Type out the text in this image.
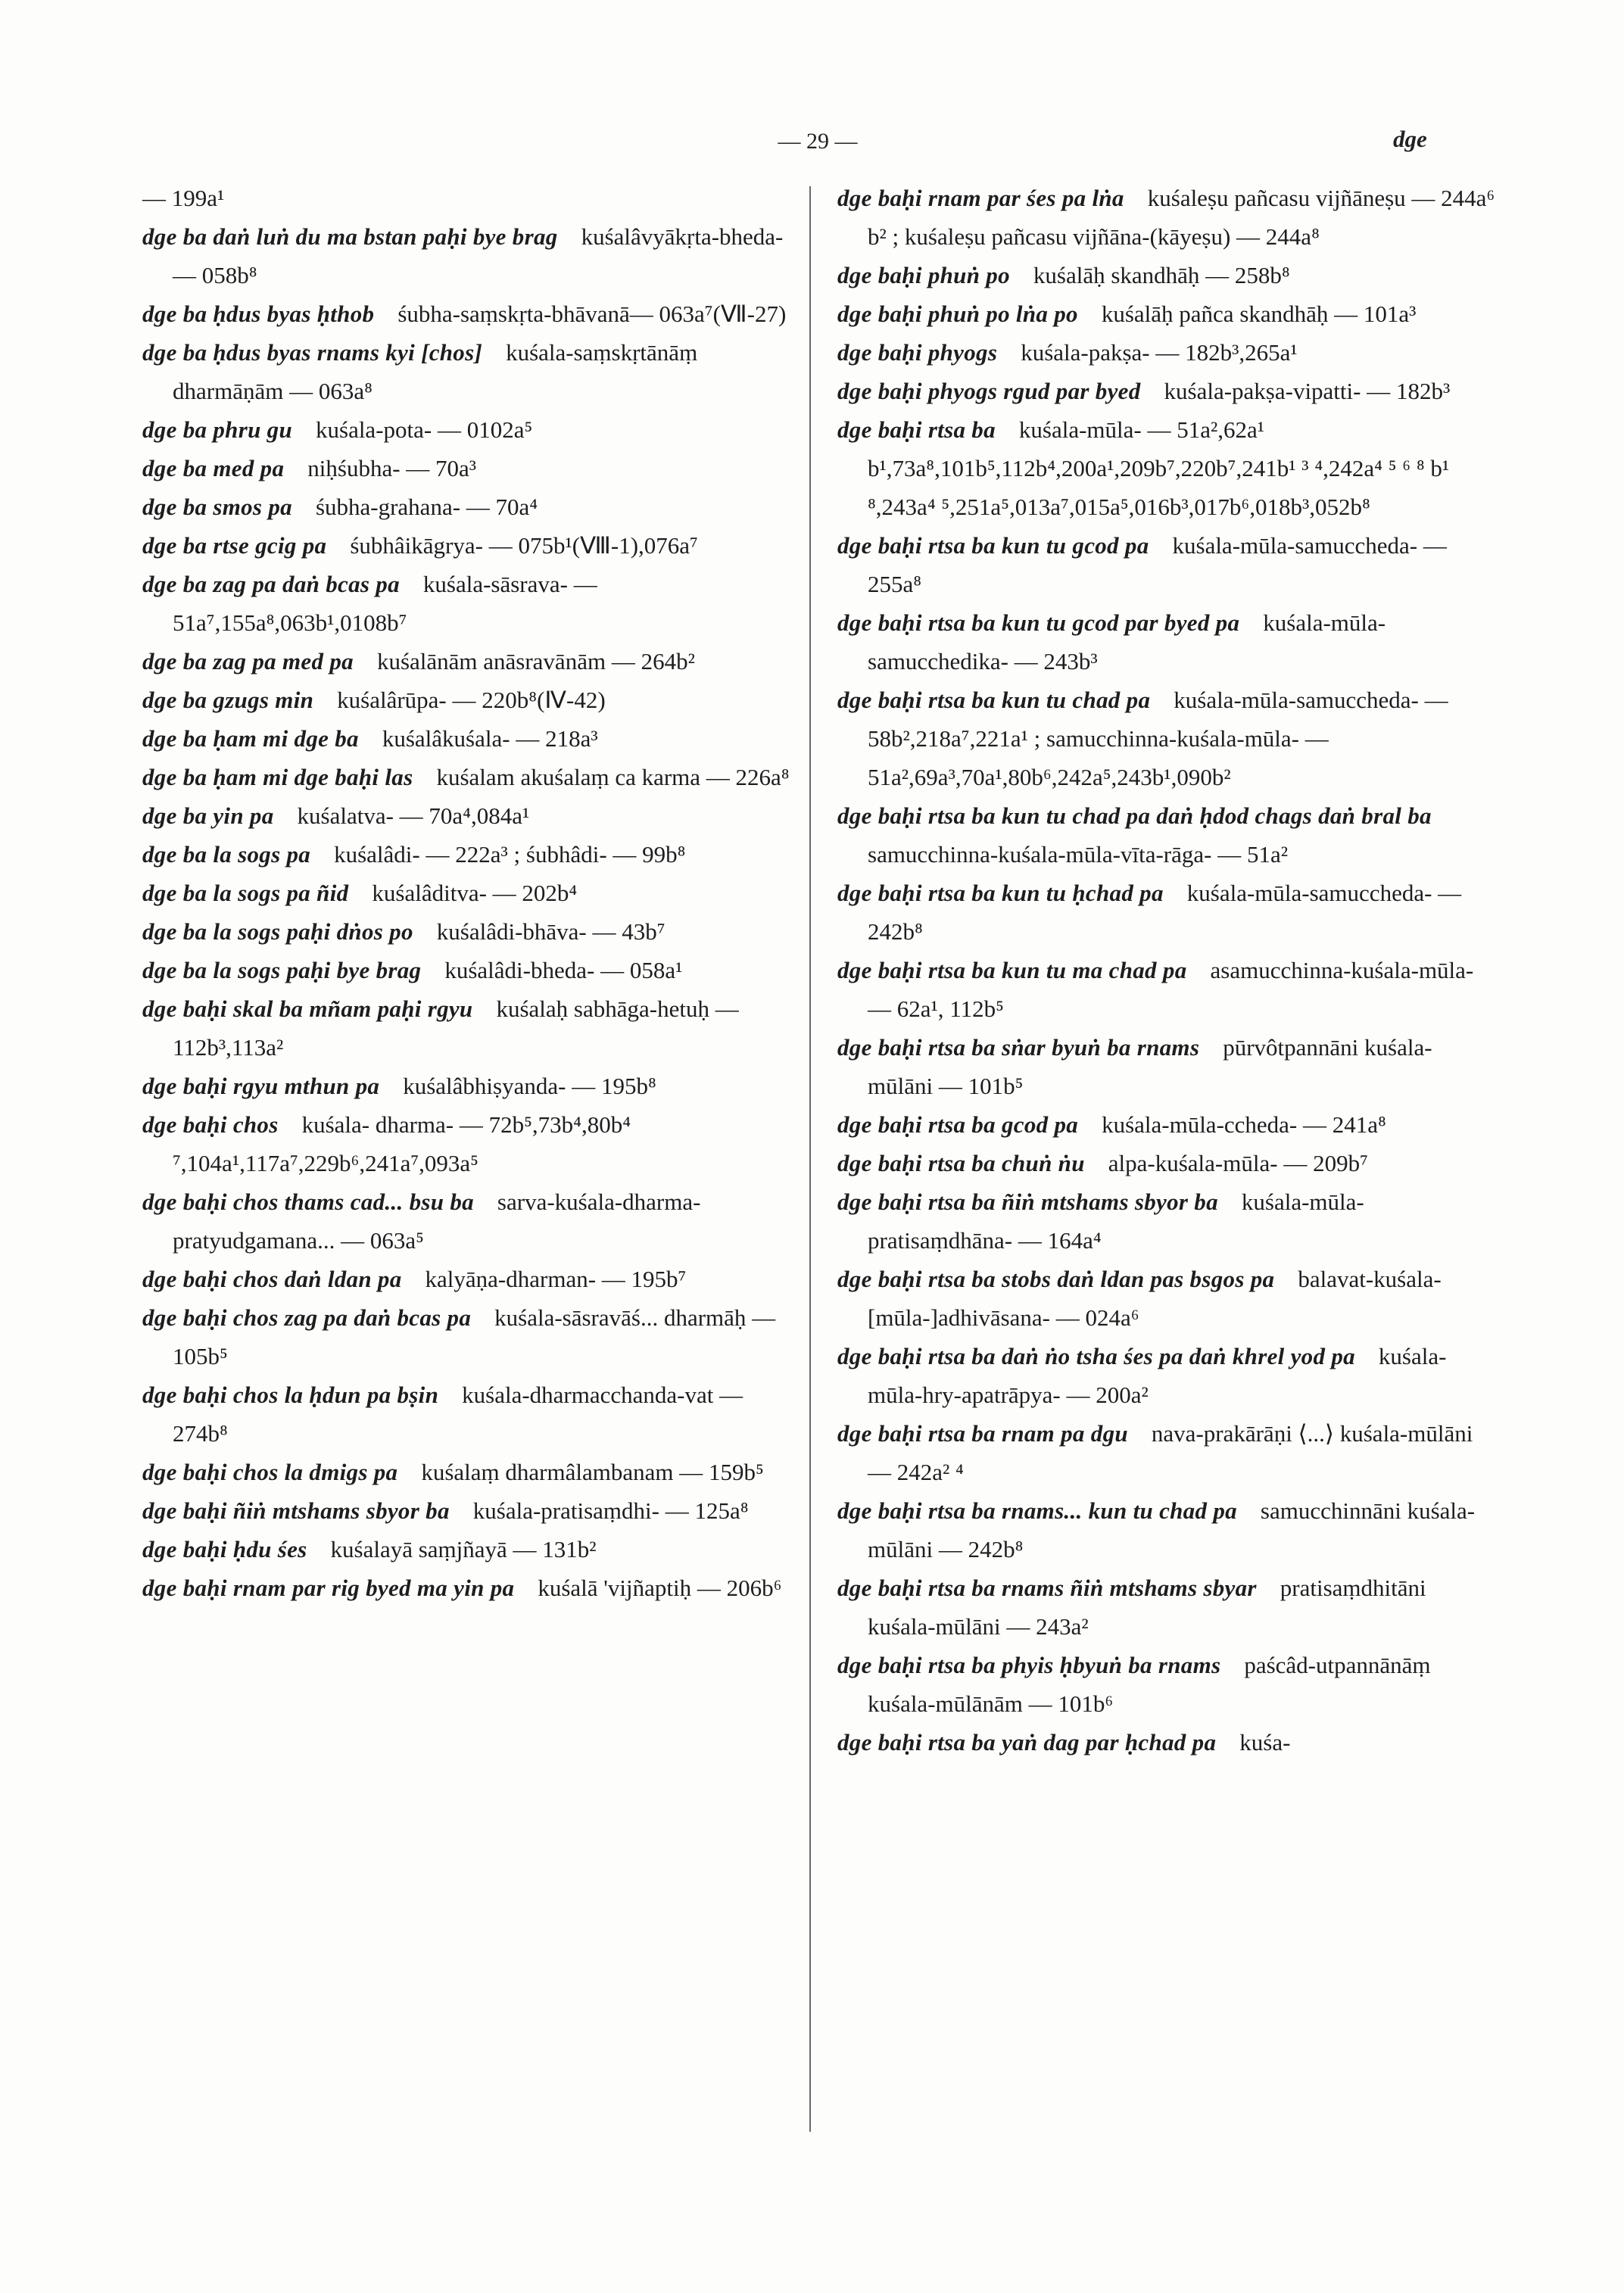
— 29 —	dge

— 199a¹

dge ba daṅ luṅ du ma bstan paḥi bye brag  kuśalâvyākṛta-bheda- — 058b⁸

dge ba ḥdus byas ḥthob  śubha-saṃskṛta-bhāvanā— 063a⁷(Ⅶ-27)

dge ba ḥdus byas rnams kyi [chos]  kuśala-saṃskṛtānāṃ dharmāṇām — 063a⁸

dge ba phru gu  kuśala-pota- — 0102a⁵

dge ba med pa  niḥśubha- — 70a³

dge ba smos pa  śubha-grahana- — 70a⁴

dge ba rtse gcig pa  śubhâikāgrya- — 075b¹(Ⅷ-1),076a⁷

dge ba zag pa daṅ bcas pa  kuśala-sāsrava- — 51a⁷,155a⁸,063b¹,0108b⁷

dge ba zag pa med pa  kuśalānām anāsravānām — 264b²

dge ba gzugs min  kuśalârūpa- — 220b⁸(Ⅳ-42)

dge ba ḥam mi dge ba  kuśalâkuśala- — 218a³

dge ba ḥam mi dge baḥi las  kuśalam akuśalaṃ ca karma — 226a⁸

dge ba yin pa  kuśalatva- — 70a⁴,084a¹

dge ba la sogs pa  kuśalâdi- — 222a³ ; śubhâdi- — 99b⁸

dge ba la sogs pa ñid  kuśalâditva- — 202b⁴

dge ba la sogs paḥi dṅos po  kuśalâdi-bhāva- — 43b⁷

dge ba la sogs paḥi bye brag  kuśalâdi-bheda- — 058a¹

dge baḥi skal ba mñam paḥi rgyu  kuśalaḥ sabhāga-hetuḥ — 112b³,113a²

dge baḥi rgyu mthun pa  kuśalâbhiṣyanda- — 195b⁸

dge baḥi chos  kuśala- dharma- — 72b⁵,73b⁴,80b⁴ ⁷,104a¹,117a⁷,229b⁶,241a⁷,093a⁵

dge baḥi chos thams cad... bsu ba  sarva-kuśala-dharma-pratyudgamana... — 063a⁵

dge baḥi chos daṅ ldan pa  kalyāṇa-dharman- — 195b⁷

dge baḥi chos zag pa daṅ bcas pa  kuśala-sāsravāś... dharmāḥ — 105b⁵

dge baḥi chos la ḥdun pa bṣin  kuśala-dharmacchanda-vat — 274b⁸

dge baḥi chos la dmigs pa  kuśalaṃ dharmâlambanam — 159b⁵

dge baḥi ñiṅ mtshams sbyor ba  kuśala-pratisaṃdhi- — 125a⁸

dge baḥi ḥdu śes  kuśalayā saṃjñayā — 131b²

dge baḥi rnam par rig byed ma yin pa  kuśalā 'vijñaptiḥ — 206b⁶

dge baḥi rnam par śes pa lṅa  kuśaleṣu pañcasu vijñāneṣu — 244a⁶ b² ; kuśaleṣu pañcasu vijñāna-(kāyeṣu) — 244a⁸

dge baḥi phuṅ po  kuśalāḥ skandhāḥ — 258b⁸

dge baḥi phuṅ po lṅa po  kuśalāḥ pañca skandhāḥ — 101a³

dge baḥi phyogs  kuśala-pakṣa- — 182b³,265a¹

dge baḥi phyogs rgud par byed  kuśala-pakṣa-vipatti- — 182b³

dge baḥi rtsa ba  kuśala-mūla- — 51a²,62a¹ b¹,73a⁸,101b⁵,112b⁴,200a¹,209b⁷,220b⁷,241b¹ ³ ⁴,242a⁴ ⁵ ⁶ ⁸ b¹ ⁸,243a⁴ ⁵,251a⁵,013a⁷,015a⁵,016b³,017b⁶,018b³,052b⁸

dge baḥi rtsa ba kun tu gcod pa  kuśala-mūla-samuccheda- — 255a⁸

dge baḥi rtsa ba kun tu gcod par byed pa  kuśala-mūla-samucchedika- — 243b³

dge baḥi rtsa ba kun tu chad pa  kuśala-mūla-samuccheda- — 58b²,218a⁷,221a¹ ; samucchinna-kuśala-mūla- — 51a²,69a³,70a¹,80b⁶,242a⁵,243b¹,090b²

dge baḥi rtsa ba kun tu chad pa daṅ ḥdod chags daṅ bral ba samucchinna-kuśala-mūla-vīta-rāga- — 51a²

dge baḥi rtsa ba kun tu ḥchad pa  kuśala-mūla-samuccheda- — 242b⁸

dge baḥi rtsa ba kun tu ma chad pa  asamucchinna-kuśala-mūla- — 62a¹, 112b⁵

dge baḥi rtsa ba sṅar byuṅ ba rnams  pūrvôtpannāni kuśala-mūlāni — 101b⁵

dge baḥi rtsa ba gcod pa  kuśala-mūla-ccheda- — 241a⁸

dge baḥi rtsa ba chuṅ ṅu  alpa-kuśala-mūla- — 209b⁷

dge baḥi rtsa ba ñiṅ mtshams sbyor ba  kuśala-mūla-pratisaṃdhāna- — 164a⁴

dge baḥi rtsa ba stobs daṅ ldan pas bsgos pa  balavat-kuśala-[mūla-]adhivāsana- — 024a⁶

dge baḥi rtsa ba daṅ ṅo tsha śes pa daṅ khrel yod pa  kuśala-mūla-hry-apatrāpya- — 200a²

dge baḥi rtsa ba rnam pa dgu  nava-prakārāṇi ⟨...⟩ kuśala-mūlāni — 242a² ⁴

dge baḥi rtsa ba rnams... kun tu chad pa  samucchinnāni kuśala-mūlāni — 242b⁸

dge baḥi rtsa ba rnams ñiṅ mtshams sbyar  pratisaṃdhitāni kuśala-mūlāni — 243a²

dge baḥi rtsa ba phyis ḥbyuṅ ba rnams  paścâd-utpannānāṃ kuśala-mūlānām — 101b⁶

dge baḥi rtsa ba yaṅ dag par ḥchad pa  kuśa-
